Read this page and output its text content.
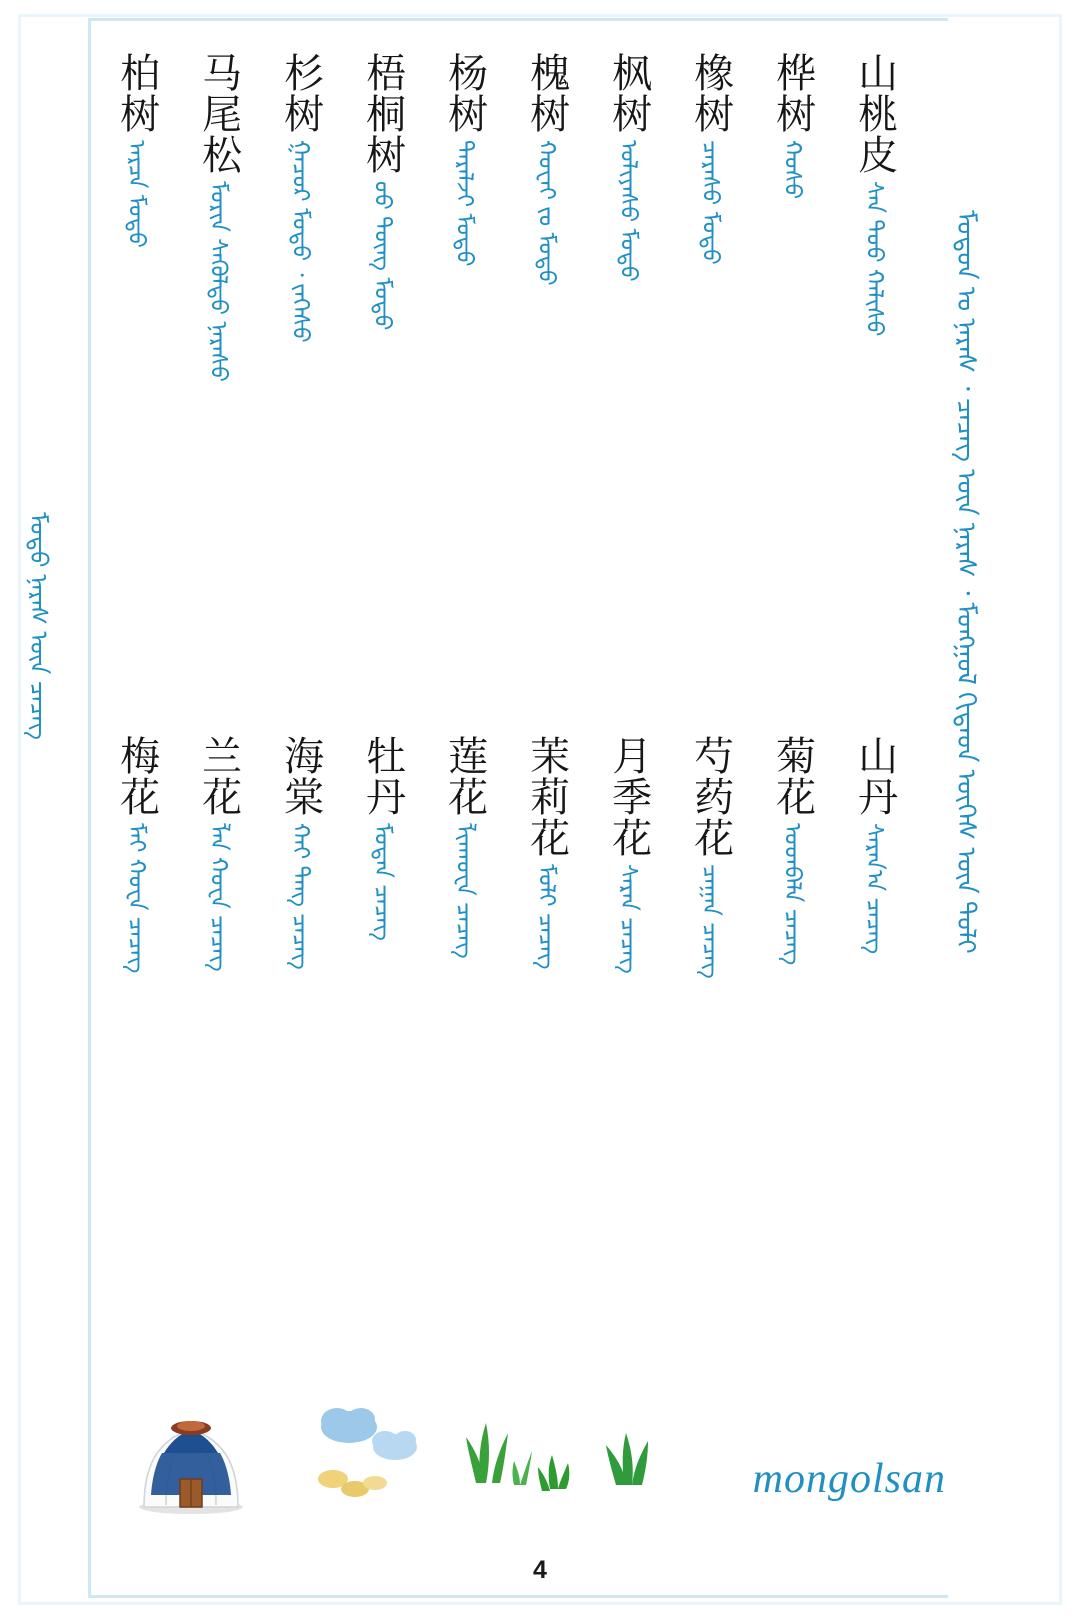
ᠮᠣᠳᠣᠨ ᠤ ᠨᠡᠷᠡᠰ ᠂ ᠴᠡᠴᠡᠭ ᠦᠨ ᠨᠡᠷᠡᠰ ᠂ ᠮᠣᠩᠭᠣᠯ ᠬᠢᠲᠠᠳ ᠦᠭᠡᠰ ᠦᠨ ᠲᠣᠯᠢ
山桃皮
ᠰᠠᠨ ᠲᠣᠣ ᠬᠠᠯᠢᠰᠤ
桦树
ᠬᠤᠰᠤ
橡树
ᠴᠠᠷᠠᠰᠤ ᠮᠣᠳᠣ
枫树
ᠤᠯᠢᠶᠠᠰᠤ ᠮᠣᠳᠣ
槐树
ᠬᠤᠸᠠᠢ ᠵᠤ ᠮᠣᠳᠣ
杨树
ᠲᠡᠷᠡᠯᠵᠢ ᠮᠣᠳᠣ
梧桐树
ᠦᠦ ᠲᠦᠩ ᠮᠣᠳᠣ
杉树
ᠭᠠᠴᠤᠷ ᠮᠣᠳᠣ ᠂ ᠵᠡᠭᠡᠰᠦ
马尾松
ᠮᠣᠷᠢᠨ ᠰᠡᠭᠦᠯᠲᠦ ᠨᠠᠷᠠᠰᠤ
柏树
ᠠᠷᠴᠠ ᠮᠣᠳᠣ
山丹
ᠰᠠᠷᠠᠨ᠎ᠠ ᠴᠡᠴᠡᠭ
菊花
ᠤᠳᠪᠠᠯᠠ ᠴᠡᠴᠡᠭ
芍药花
ᠴᠠᠭᠠᠨ ᠴᠡᠴᠡᠭ
月季花
ᠰᠠᠷᠠᠨ ᠴᠡᠴᠡᠭ
茉莉花
ᠮᠣᠯᠢ ᠴᠡᠴᠡᠭ
莲花
ᠯᠢᠨᠬᠤᠸᠠ ᠴᠡᠴᠡᠭ
牡丹
ᠮᠤᠳᠠᠨ ᠴᠡᠴᠡᠭ
海棠
ᠬᠠᠢ ᠲᠠᠩ ᠴᠡᠴᠡᠭ
兰花
ᠯᠠᠨ ᠬᠤᠸᠠ ᠴᠡᠴᠡᠭ
梅花
ᠮᠡᠢ ᠬᠤᠸᠠ ᠴᠡᠴᠡᠭ
ᠮᠣᠳᠣ ᠨᠡᠷᠡᠰ ᠦᠨ ᠴᠡᠴᠡᠭ
mongolsan
4
